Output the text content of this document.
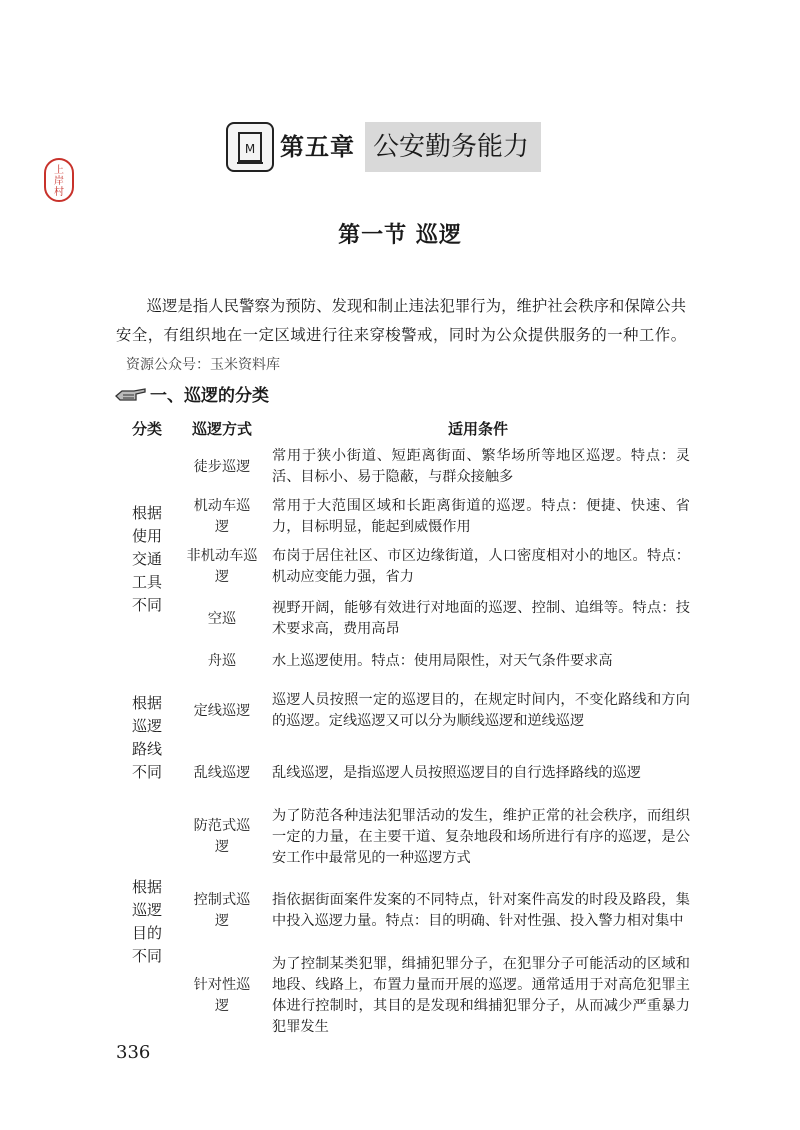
上
岸
村
M 第五章 公安勤务能力
第一节 巡逻

巡逻是指人民警察为预防、发现和制止违法犯罪行为，维护社会秩序和保障公共安全，有组织地在一定区域进行往来穿梭警戒，同时为公众提供服务的一种工作。资源公众号：玉米资料库

一、巡逻的分类
分类	巡逻方式	适用条件

根据使用交通工具不同	徒步巡逻	常用于狭小街道、短距离街面、繁华场所等地区巡逻。特点：灵活、目标小、易于隐蔽，与群众接触多

	机动车巡逻	常用于大范围区域和长距离街道的巡逻。特点：便捷、快速、省力，目标明显，能起到威慑作用

	非机动车巡逻	布岗于居住社区、市区边缘街道，人口密度相对小的地区。特点：机动应变能力强，省力
	空巡	视野开阔，能够有效进行对地面的巡逻、控制、追缉等。特点：技术要求高，费用高昂
	舟巡	水上巡逻使用。特点：使用局限性，对天气条件要求高

根据巡逻路线不同	定线巡逻	巡逻人员按照一定的巡逻目的，在规定时间内，不变化路线和方向的巡逻。定线巡逻又可以分为顺线巡逻和逆线巡逻
	乱线巡逻	乱线巡逻，是指巡逻人员按照巡逻目的自行选择路线的巡逻

根据巡逻目的不同	防范式巡逻	为了防范各种违法犯罪活动的发生，维护正常的社会秩序，而组织一定的力量，在主要干道、复杂地段和场所进行有序的巡逻，是公安工作中最常见的一种巡逻方式

	控制式巡逻	指依据街面案件发案的不同特点，针对案件高发的时段及路段，集中投入巡逻力量。特点：目的明确、针对性强、投入警力相对集中

	针对性巡逻	为了控制某类犯罪，缉捕犯罪分子，在犯罪分子可能活动的区域和地段、线路上，布置力量而开展的巡逻。通常适用于对高危犯罪主体进行控制时，其目的是发现和缉捕犯罪分子，从而减少严重暴力犯罪发生
336
